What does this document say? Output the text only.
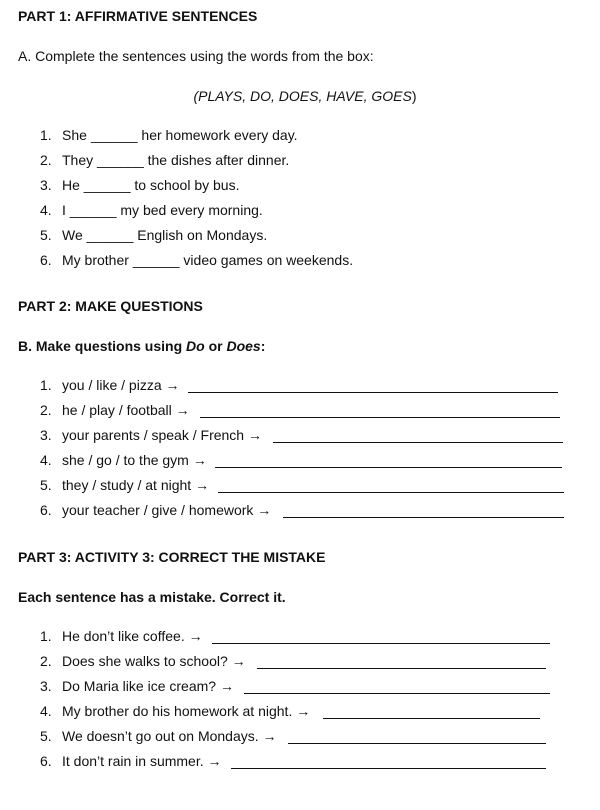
PART 1: AFFIRMATIVE SENTENCES
A. Complete the sentences using the words from the box:
(PLAYS, DO, DOES, HAVE, GOES)
1. She ______ her homework every day.
2. They ______ the dishes after dinner.
3. He ______ to school by bus.
4. I ______ my bed every morning.
5. We ______ English on Mondays.
6. My brother ______ video games on weekends.
PART 2: MAKE QUESTIONS
B. Make questions using Do or Does:
1. you / like / pizza →
2. he / play / football →
3. your parents / speak / French →
4. she / go / to the gym →
5. they / study / at night →
6. your teacher / give / homework →
PART 3: ACTIVITY 3: CORRECT THE MISTAKE
Each sentence has a mistake. Correct it.
1. He don’t like coffee. →
2. Does she walks to school? →
3. Do Maria like ice cream? →
4. My brother do his homework at night. →
5. We doesn’t go out on Mondays. →
6. It don’t rain in summer. →
